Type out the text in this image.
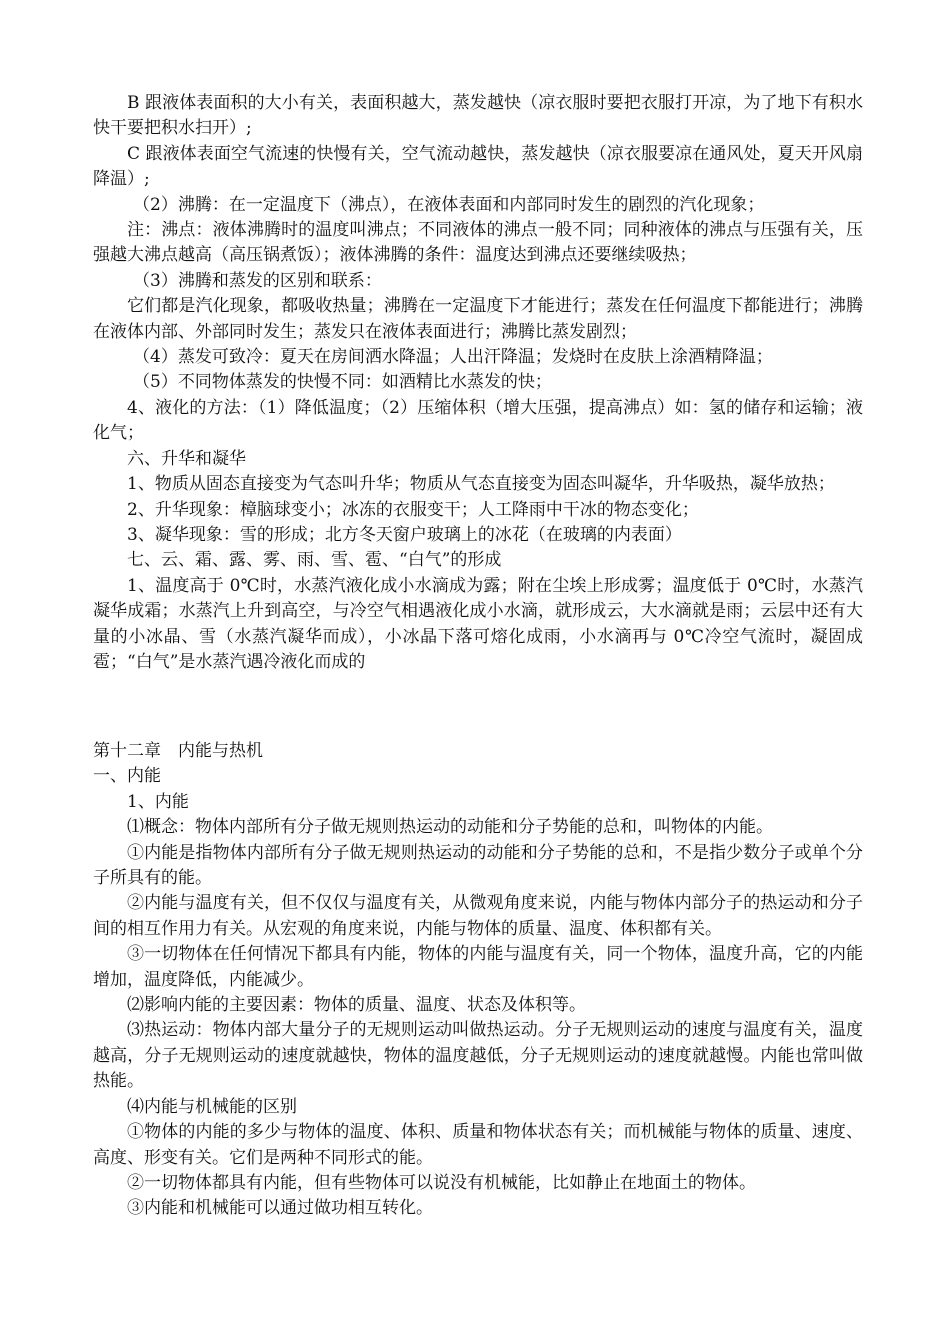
B 跟液体表面积的大小有关，表面积越大，蒸发越快（凉衣服时要把衣服打开凉，为了地下有积水快干要把积水扫开）;

C 跟液体表面空气流速的快慢有关，空气流动越快，蒸发越快（凉衣服要凉在通风处，夏天开风扇降温）;

（2）沸腾：在一定温度下（沸点），在液体表面和内部同时发生的剧烈的汽化现象；

注：沸点：液体沸腾时的温度叫沸点；不同液体的沸点一般不同；同种液体的沸点与压强有关，压强越大沸点越高（高压锅煮饭）；液体沸腾的条件：温度达到沸点还要继续吸热；

（3）沸腾和蒸发的区别和联系：

它们都是汽化现象，都吸收热量；沸腾在一定温度下才能进行；蒸发在任何温度下都能进行；沸腾在液体内部、外部同时发生；蒸发只在液体表面进行；沸腾比蒸发剧烈；

（4）蒸发可致冷：夏天在房间洒水降温；人出汗降温；发烧时在皮肤上涂酒精降温；

（5）不同物体蒸发的快慢不同：如酒精比水蒸发的快；

4、液化的方法：（1）降低温度；（2）压缩体积（增大压强，提高沸点）如：氢的储存和运输；液化气；

六、升华和凝华

1、物质从固态直接变为气态叫升华；物质从气态直接变为固态叫凝华，升华吸热，凝华放热；

2、升华现象：樟脑球变小；冰冻的衣服变干；人工降雨中干冰的物态变化；

3、凝华现象：雪的形成；北方冬天窗户玻璃上的冰花（在玻璃的内表面）

七、云、霜、露、雾、雨、雪、雹、“白气”的形成

1、温度高于 0℃时，水蒸汽液化成小水滴成为露；附在尘埃上形成雾；温度低于 0℃时，水蒸汽凝华成霜；水蒸汽上升到高空，与冷空气相遇液化成小水滴，就形成云，大水滴就是雨；云层中还有大量的小冰晶、雪（水蒸汽凝华而成），小冰晶下落可熔化成雨，小水滴再与 0℃冷空气流时，凝固成雹；“白气”是水蒸汽遇冷液化而成的

第十二章　内能与热机

一、内能

1、内能

⑴概念：物体内部所有分子做无规则热运动的动能和分子势能的总和，叫物体的内能。

①内能是指物体内部所有分子做无规则热运动的动能和分子势能的总和，不是指少数分子或单个分子所具有的能。

②内能与温度有关，但不仅仅与温度有关，从微观角度来说，内能与物体内部分子的热运动和分子间的相互作用力有关。从宏观的角度来说，内能与物体的质量、温度、体积都有关。

③一切物体在任何情况下都具有内能，物体的内能与温度有关，同一个物体，温度升高，它的内能增加，温度降低，内能减少。

⑵影响内能的主要因素：物体的质量、温度、状态及体积等。

⑶热运动：物体内部大量分子的无规则运动叫做热运动。分子无规则运动的速度与温度有关，温度越高，分子无规则运动的速度就越快，物体的温度越低，分子无规则运动的速度就越慢。内能也常叫做热能。

⑷内能与机械能的区别

①物体的内能的多少与物体的温度、体积、质量和物体状态有关；而机械能与物体的质量、速度、高度、形变有关。它们是两种不同形式的能。

②一切物体都具有内能，但有些物体可以说没有机械能，比如静止在地面土的物体。

③内能和机械能可以通过做功相互转化。
